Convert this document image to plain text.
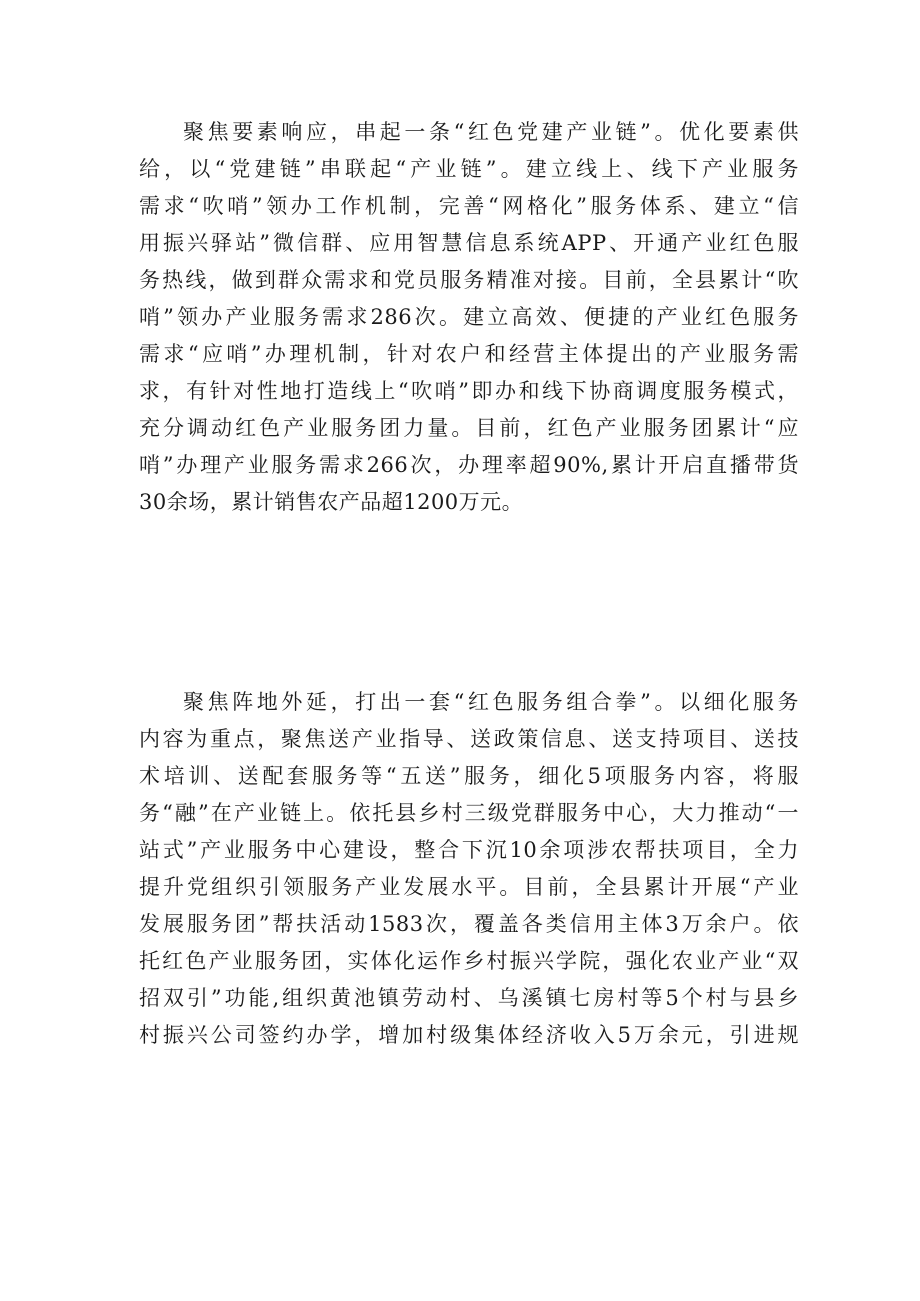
聚焦要素响应，串起一条“红色党建产业链”。优化要素供
给，以“党建链”串联起“产业链”。建立线上、线下产业服务
需求“吹哨”领办工作机制，完善“网格化”服务体系、建立“信
用振兴驿站”微信群、应用智慧信息系统APP、开通产业红色服
务热线，做到群众需求和党员服务精准对接。目前，全县累计“吹
哨”领办产业服务需求286次。建立高效、便捷的产业红色服务
需求“应哨”办理机制，针对农户和经营主体提出的产业服务需
求，有针对性地打造线上“吹哨”即办和线下协商调度服务模式，
充分调动红色产业服务团力量。目前，红色产业服务团累计“应
哨”办理产业服务需求266次，办理率超90%,累计开启直播带货
30余场，累计销售农产品超1200万元。

聚焦阵地外延，打出一套“红色服务组合拳”。以细化服务
内容为重点，聚焦送产业指导、送政策信息、送支持项目、送技
术培训、送配套服务等“五送”服务，细化5项服务内容，将服
务“融”在产业链上。依托县乡村三级党群服务中心，大力推动“一
站式”产业服务中心建设，整合下沉10余项涉农帮扶项目，全力
提升党组织引领服务产业发展水平。目前，全县累计开展“产业
发展服务团”帮扶活动1583次，覆盖各类信用主体3万余户。依
托红色产业服务团，实体化运作乡村振兴学院，强化农业产业“双
招双引”功能,组织黄池镇劳动村、乌溪镇七房村等5个村与县乡
村振兴公司签约办学，增加村级集体经济收入5万余元，引进规
